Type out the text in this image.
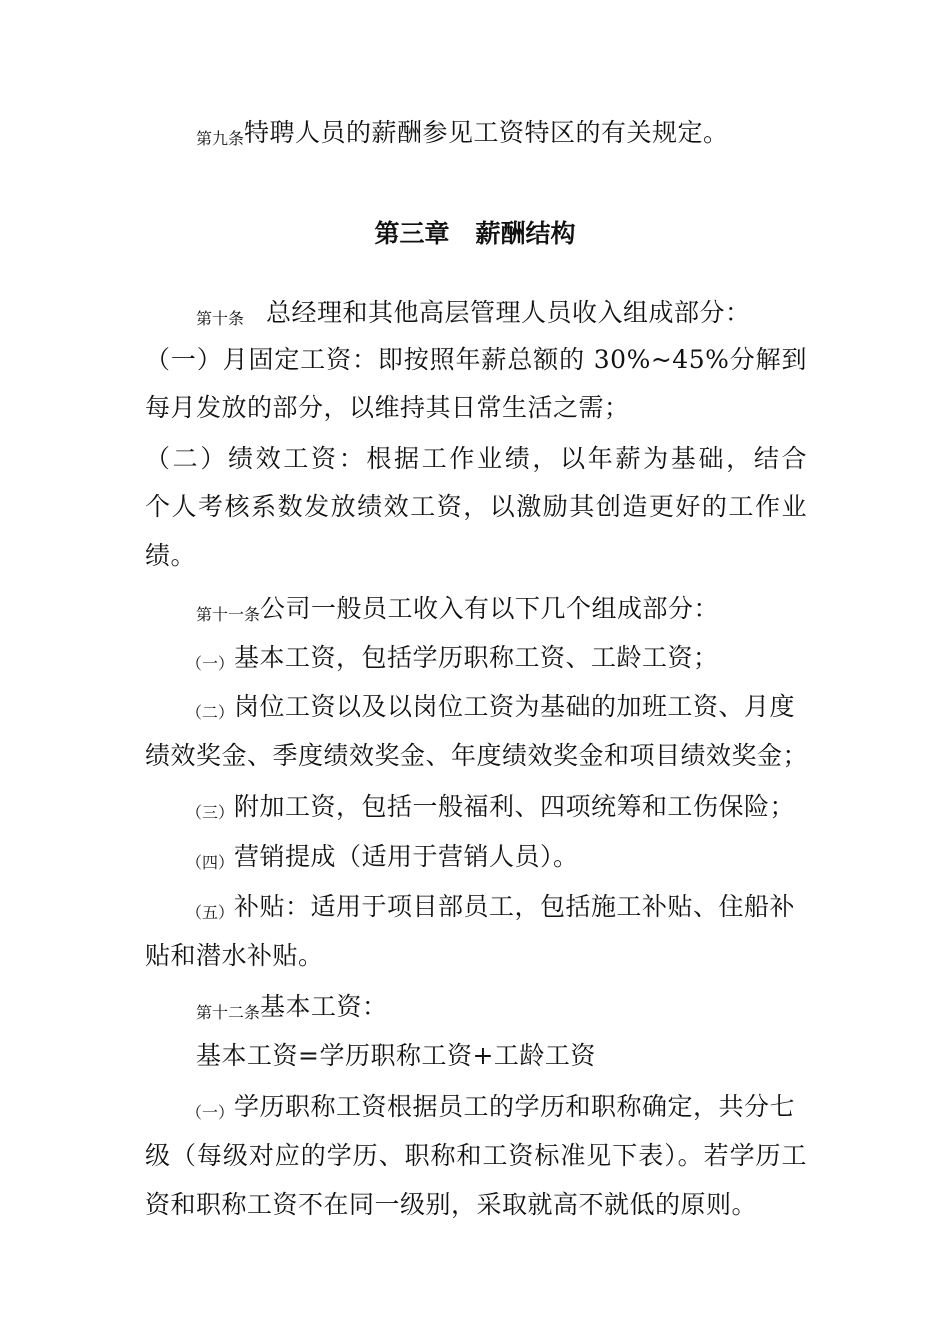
第九条特聘人员的薪酬参见工资特区的有关规定。
第三章 薪酬结构
第十条 总经理和其他高层管理人员收入组成部分：
（一）月固定工资：即按照年薪总额的 30%~45%分解到
每月发放的部分，以维持其日常生活之需；
（二）绩效工资：根据工作业绩，以年薪为基础，结合
个人考核系数发放绩效工资，以激励其创造更好的工作业
绩。
第十一条公司一般员工收入有以下几个组成部分：
（一）基本工资，包括学历职称工资、工龄工资；
（二）岗位工资以及以岗位工资为基础的加班工资、月度
绩效奖金、季度绩效奖金、年度绩效奖金和项目绩效奖金；
（三）附加工资，包括一般福利、四项统筹和工伤保险；
（四）营销提成（适用于营销人员）。
（五）补贴：适用于项目部员工，包括施工补贴、住船补
贴和潜水补贴。
第十二条基本工资：
基本工资=学历职称工资+工龄工资
（一）学历职称工资根据员工的学历和职称确定，共分七
级（每级对应的学历、职称和工资标准见下表）。若学历工
资和职称工资不在同一级别，采取就高不就低的原则。
